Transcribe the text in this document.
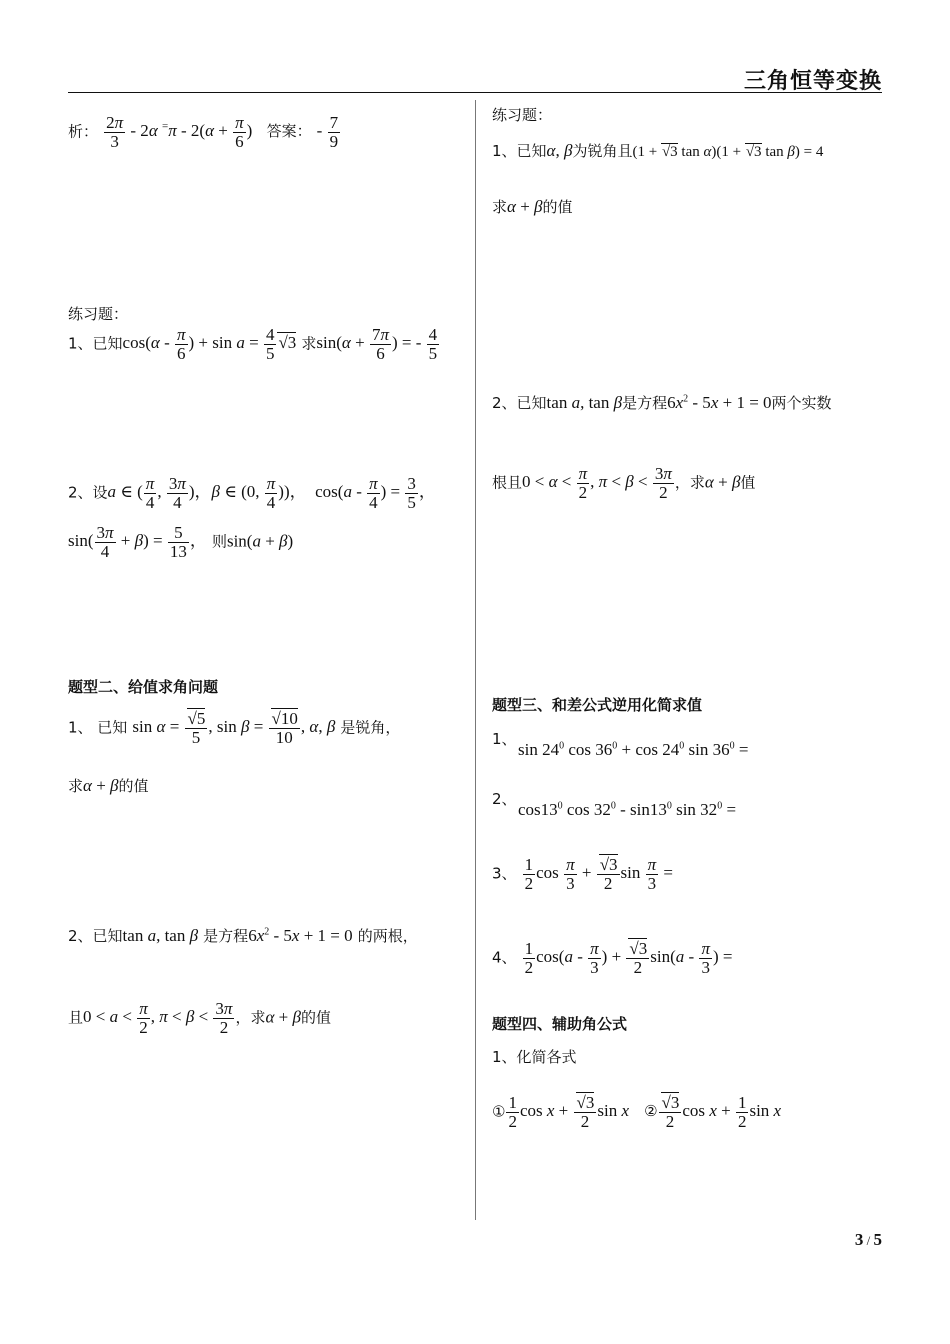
三角恒等变换
析： $\frac{2\pi}{3} - 2\alpha$ $^=\pi - 2(\alpha + \frac{\pi}{6}$ ) 答案： - $\frac{7}{9}$
练习题：
1、已知$\cos(\alpha - \frac{\pi}{6}$ ) + $\sin a = \frac{4}{5} √3$ 求$\sin(\alpha + \frac{7\pi}{6}$ ) = - $\frac{4}{5}$
2、设a ∈ ( $\frac{\pi}{4}$ , $\frac{3\pi}{4}$ )，β ∈ (0, $\frac{\pi}{4}$ ))，  $\cos(a - \frac{\pi}{4}$ ) = $\frac{3}{5}$ ，
$\sin( \frac{3\pi}{4} + \beta) = \frac{5}{13}$ ， 则sin(a + β)
题型二、给值求角问题
1、 已知 $\sin \alpha = \frac{√5}{5}$ , $\sin \beta = \frac{√10}{10}$ , α, β 是锐角，
求α + β的值
2、已知tan a, tan β 是方程$6x^2 - 5x + 1 = 0$ 的两根，
且$0 < a < \frac{\pi}{2}$ , $\pi < \beta < \frac{3\pi}{2}$ ，求α + β的值
练习题：
1、已知α, β为锐角且(1 + √3 tan α)(1 + √3 tan β) = 4
求α + β的值
2、已知tan a, tan β是方程$6x^2 - 5x + 1 = 0$两个实数
根且$0 < \alpha < \frac{\pi}{2}$ , $\pi < \beta < \frac{3\pi}{2}$ ，求α + β值
题型三、和差公式逆用化简求值
1、
$\sin 24^0$ $\cos 36^0 + \cos 24^0$ $\sin 36^0$ =
2、
$\cos 13^0$ $\cos 32^0 - \sin 13^0$ $\sin 32^0$ =
3、 $\frac{1}{2}$ $\cos \frac{\pi}{3} + \frac{√3}{2}$ $\sin \frac{\pi}{3}$ =
4、 $\frac{1}{2} \cos(a - \frac{\pi}{3}$ ) + $\frac{√3}{2} \sin(a - \frac{\pi}{3}$ ) =
题型四、辅助角公式
1、化简各式
① $\frac{1}{2}$ $\cos x + \frac{√3}{2}$ sin x ② $\frac{√3}{2}$ $\cos x + \frac{1}{2}$ sin x
3 / 5
